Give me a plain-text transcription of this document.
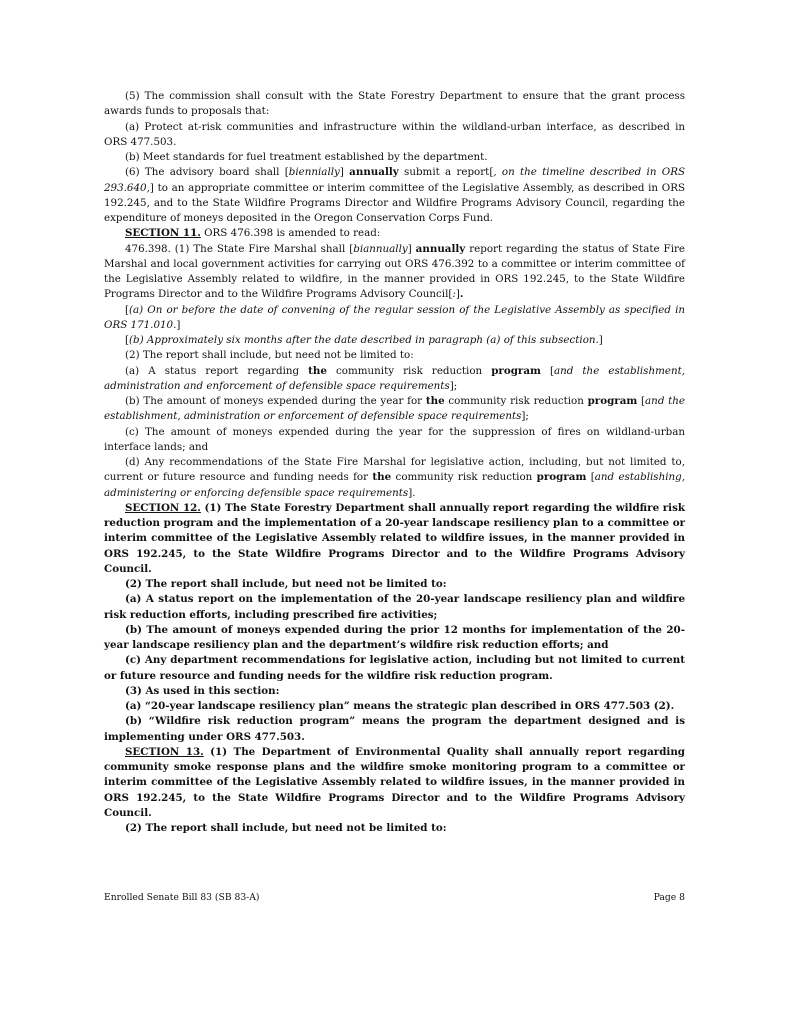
(5) The commission shall consult with the State Forestry Department to ensure that the grant process awards funds to proposals that:

(a) Protect at-risk communities and infrastructure within the wildland-urban interface, as described in ORS 477.503.

(b) Meet standards for fuel treatment established by the department.

(6) The advisory board shall [biennially] annually submit a report[, on the timeline described in ORS 293.640,] to an appropriate committee or interim committee of the Legislative Assembly, as described in ORS 192.245, and to the State Wildfire Programs Director and Wildfire Programs Advisory Council, regarding the expenditure of moneys deposited in the Oregon Conservation Corps Fund.

SECTION 11. ORS 476.398 is amended to read:

476.398. (1) The State Fire Marshal shall [biannually] annually report regarding the status of State Fire Marshal and local government activities for carrying out ORS 476.392 to a committee or interim committee of the Legislative Assembly related to wildfire, in the manner provided in ORS 192.245, to the State Wildfire Programs Director and to the Wildfire Programs Advisory Council[:].

[(a) On or before the date of convening of the regular session of the Legislative Assembly as specified in ORS 171.010.]

[(b) Approximately six months after the date described in paragraph (a) of this subsection.]

(2) The report shall include, but need not be limited to:

(a) A status report regarding the community risk reduction program [and the establishment, administration and enforcement of defensible space requirements];

(b) The amount of moneys expended during the year for the community risk reduction program [and the establishment, administration or enforcement of defensible space requirements];

(c) The amount of moneys expended during the year for the suppression of fires on wildland-urban interface lands; and

(d) Any recommendations of the State Fire Marshal for legislative action, including, but not limited to, current or future resource and funding needs for the community risk reduction program [and establishing, administering or enforcing defensible space requirements].

SECTION 12. (1) The State Forestry Department shall annually report regarding the wildfire risk reduction program and the implementation of a 20-year landscape resiliency plan to a committee or interim committee of the Legislative Assembly related to wildfire issues, in the manner provided in ORS 192.245, to the State Wildfire Programs Director and to the Wildfire Programs Advisory Council.

(2) The report shall include, but need not be limited to:

(a) A status report on the implementation of the 20-year landscape resiliency plan and wildfire risk reduction efforts, including prescribed fire activities;

(b) The amount of moneys expended during the prior 12 months for implementation of the 20-year landscape resiliency plan and the department’s wildfire risk reduction efforts; and

(c) Any department recommendations for legislative action, including but not limited to current or future resource and funding needs for the wildfire risk reduction program.

(3) As used in this section:

(a) “20-year landscape resiliency plan” means the strategic plan described in ORS 477.503 (2).

(b) “Wildfire risk reduction program” means the program the department designed and is implementing under ORS 477.503.

SECTION 13. (1) The Department of Environmental Quality shall annually report regarding community smoke response plans and the wildfire smoke monitoring program to a committee or interim committee of the Legislative Assembly related to wildfire issues, in the manner provided in ORS 192.245, to the State Wildfire Programs Director and to the Wildfire Programs Advisory Council.

(2) The report shall include, but need not be limited to:

Enrolled Senate Bill 83 (SB 83-A)	Page 8
